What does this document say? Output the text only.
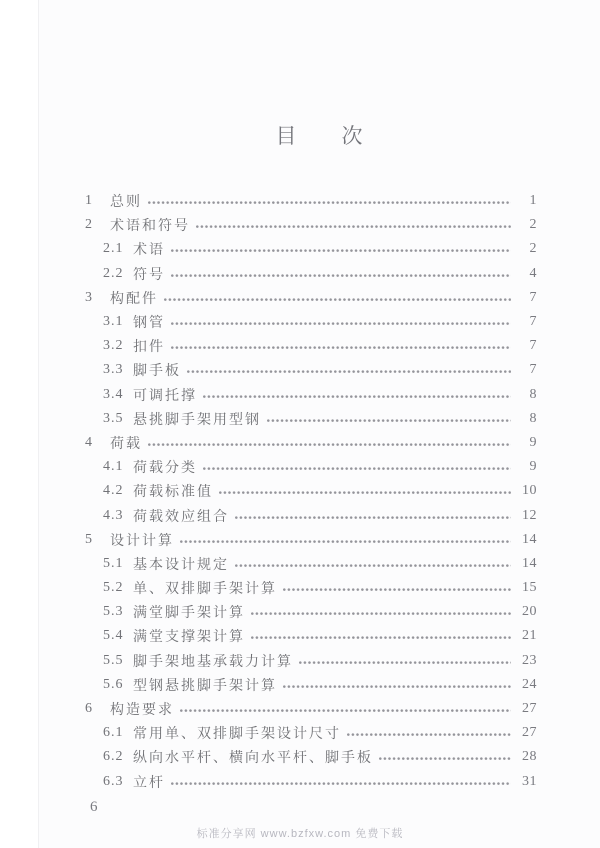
目　次
1	总则	1
2	术语和符号	2
2.1 术语	2
2.2 符号	4
3	构配件	7
3.1 钢管	7
3.2 扣件	7
3.3 脚手板	7
3.4 可调托撑	8
3.5 悬挑脚手架用型钢	8
4	荷载	9
4.1 荷载分类	9
4.2 荷载标准值	10
4.3 荷载效应组合	12
5	设计计算	14
5.1 基本设计规定	14
5.2 单、双排脚手架计算	15
5.3 满堂脚手架计算	20
5.4 满堂支撑架计算	21
5.5 脚手架地基承载力计算	23
5.6 型钢悬挑脚手架计算	24
6	构造要求	27
6.1 常用单、双排脚手架设计尺寸	27
6.2 纵向水平杆、横向水平杆、脚手板	28
6.3 立杆	31
6
标准分享网 www.bzfxw.com 免费下载
